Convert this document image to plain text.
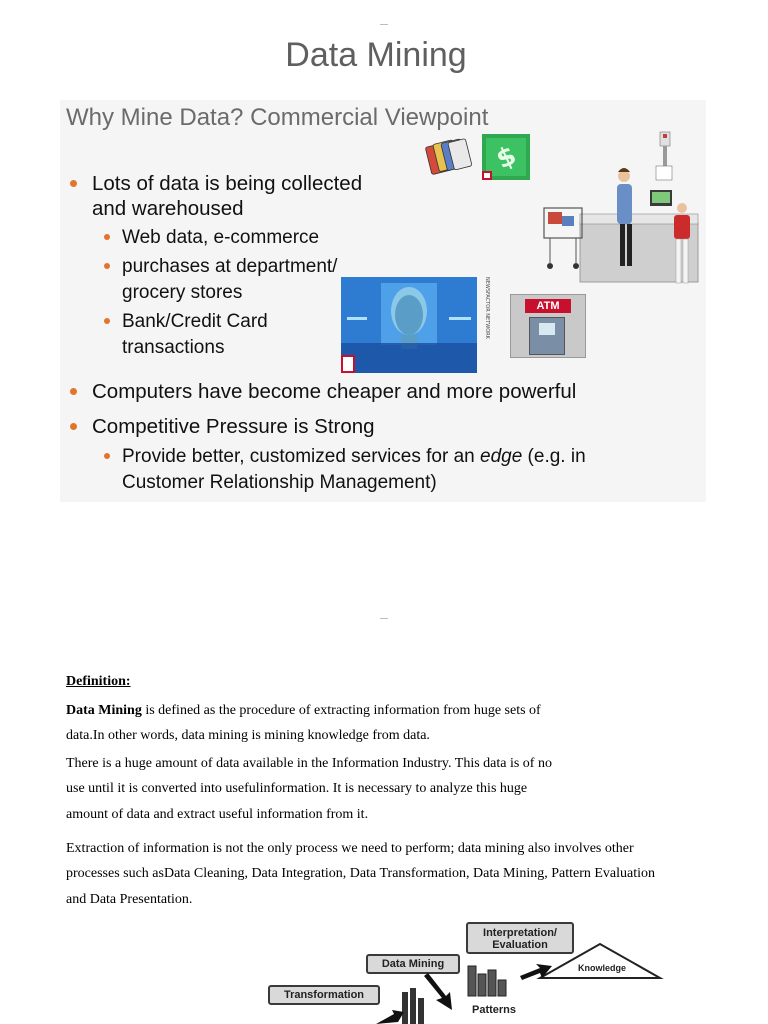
Data Mining
Why Mine Data? Commercial Viewpoint
Lots of data is being collected
and warehoused
Web data, e-commerce
purchases at department/
grocery stores
Bank/Credit Card
transactions
Computers have become cheaper and more powerful
Competitive Pressure is Strong
Provide better, customized services for an edge (e.g. in
Customer Relationship Management)
$
NEWSFACTOR NETWORK	ATM
Definition:
Data Mining is defined as the procedure of extracting information from huge sets of
data.In other words, data mining is mining knowledge from data.
There is a huge amount of data available in the Information Industry. This data is of no
use until it is converted into usefulinformation. It is necessary to analyze this huge
amount of data and extract useful information from it.
Extraction of information is not the only process we need to perform; data mining also involves other
processes such asData Cleaning, Data Integration, Data Transformation, Data Mining, Pattern Evaluation
and Data Presentation.
Interpretation/
Evaluation
Data Mining
Transformation
Knowledge
Patterns
